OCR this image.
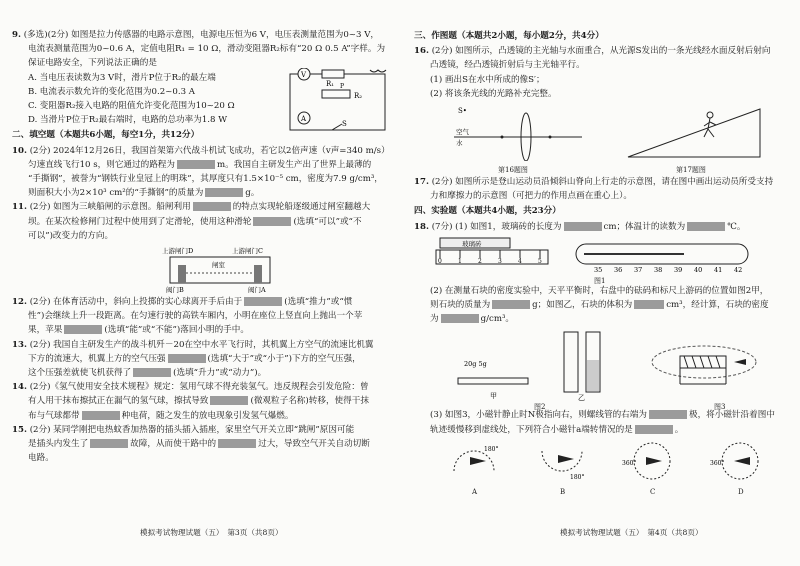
9. (多选)(2分) 如图是拉力传感器的电路示意图，电源电压恒为6 V，电压表测量范围为0~3 V，
电流表测量范围为0~0.6 A，定值电阻R₁ = 10 Ω，滑动变阻器R₂标有“20 Ω 0.5 A”字样。为
保证电路安全，下列说法正确的是

A. 当电压表读数为3 V时，滑片P位于R₂的最左端
B. 电流表示数允许的变化范围为0.2~0.3 A
C. 变阻器R₂接入电路的阻值允许变化范围为10~20 Ω
D. 当滑片P位于R₂最右端时，电路的总功率为1.8 W
V
R₂
R₁ P
A
S
二、填空题（本题共6小题，每空1分，共12分）

10. (2分) 2024年12月26日，我国首架第六代战斗机试飞成功，若它以2倍声速（v声=340 m/s）
匀速直线飞行10 s，则它通过的路程为	m。我国自主研发生产出了世界上最薄的
“手撕钢”，被誉为“钢铁行业皇冠上的明珠”，其厚度只有1.5×10⁻⁵ cm，密度为7.9 g/cm³，
则面积大小为2×10³ cm²的“手撕钢”的质量为	g。

11. (2分) 如图为三峡船闸的示意图。船闸利用	的特点实现轮船逐级通过闸室翻越大
坝。在某次检修闸门过程中使用到了定滑轮，使用这种滑轮	(选填“可以”或“不
可以”)改变力的方向。

上游闸门D	上游闸门C
闸室
阀门B	阀门A

12. (2分) 在体育活动中，斜向上投掷的实心球离开手后由于	(选填“推力”或“惯
性”)会继续上升一段距离。在匀速行驶的高铁车厢内，小明在座位上竖直向上抛出一个苹
果，苹果	(选填“能”或“不能”)落回小明的手中。

13. (2分) 我国自主研发生产的战斗机歼－20在空中水平飞行时，其机翼上方空气的流速比机翼
下方的流速大，机翼上方的空气压强	(选填“大于”或“小于”)下方的空气压强，
这个压强差就使飞机获得了	(选填“升力”或“动力”)。

14. (2分)《氢气使用安全技术规程》规定：氢用气球不得充装氢气。违反规程会引发危险：曾
有人用干抹布擦拭正在漏气的氢气球，擦拭导致	(微观粒子名称)转移，使得干抹
布与气球都带	种电荷，随之发生的放电现象引发氢气爆燃。

15. (2分) 某同学刚把电热蚊香加热器的插头插入插座，家里空气开关立即“跳闸”原因可能
是插头内发生了	故障，从而使干路中的	过大，导致空气开关自动切断
电路。

模拟考试物理试题（五）　第3页（共8页）
三、作图题（本题共2小题，每小题2分，共4分）

16. (2分) 如图所示，凸透镜的主光轴与水面重合，从光源S发出的一条光线经水面反射后射向
凸透镜，经凸透镜折射后与主光轴平行。
(1) 画出S在水中所成的像S′；
(2) 将该条光线的光路补充完整。

S•
空气
水
第16题图	第17题图

17. (2分) 如图所示是登山运动员沿倾斜山脊向上行走的示意图，请在图中画出运动员所受支持
力和摩擦力的示意图（可把力的作用点画在重心上）。

四、实验题（本题共4小题，共23分）

18. (7分) (1) 如图1，玻璃砖的长度为	cm；体温计的读数为	℃。

玻璃砖
0	1	2	3	4	5
35 36 37 38 39 40 41 42
图1

(2) 在测量石块的密度实验中，天平平衡时，右盘中的砝码和标尺上游码的位置如图2甲，
则石块的质量为	g；如图乙，石块的体积为	cm³，经计算，石块的密度
为	g/cm³。

20g 5g
甲	乙
图2	图3

(3) 如图3，小磁针静止时N极指向右，则螺线管的右端为	极，将小磁针沿着图中
轨迹缓慢移到虚线处，下列符合小磁针a端转情况的是	。

180°
180°
360°	360°
A	B	C	D
模拟考试物理试题（五）　第4页（共8页）
